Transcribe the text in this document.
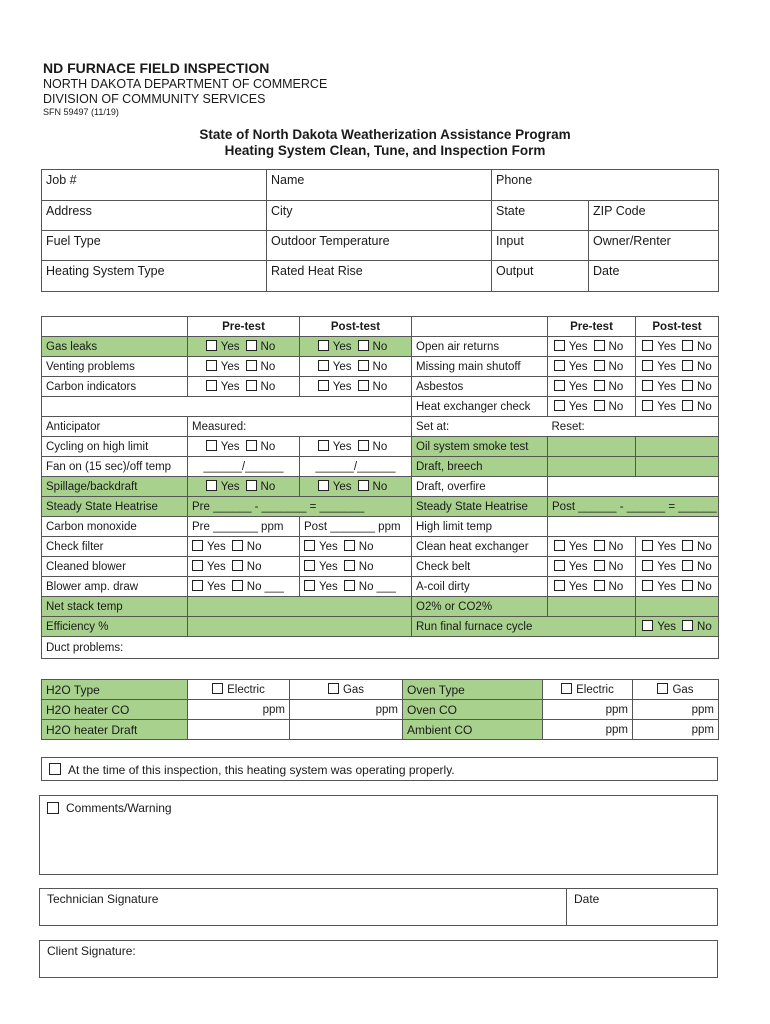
ND FURNACE FIELD INSPECTION
NORTH DAKOTA DEPARTMENT OF COMMERCE
DIVISION OF COMMUNITY SERVICES
SFN 59497 (11/19)
State of North Dakota Weatherization Assistance Program
Heating System Clean, Tune, and Inspection Form
Job #	Name	Phone	
Address	City	State	ZIP Code
Fuel Type	Outdoor Temperature	Input	Owner/Renter
Heating System Type	Rated Heat Rise	Output	Date
	Pre-test	Post-test		Pre-test	Post-test
Gas leaks	Yes No	Yes No	Open air returns	Yes No	Yes No
Venting problems	Yes No	Yes No	Missing main shutoff	Yes No	Yes No
Carbon indicators	Yes No	Yes No	Asbestos	Yes No	Yes No
			Heat exchanger check	Yes No	Yes No
Anticipator	Measured:		Set at:	Reset:	
Cycling on high limit	Yes No	Yes No	Oil system smoke test		
Fan on (15 sec)/off temp	______/______	______/______	Draft, breech		
Spillage/backdraft	Yes No	Yes No	Draft, overfire		
Steady State Heatrise	Pre ______ - _______ = _______		Steady State Heatrise	Post ______ - ______ = ______	
Carbon monoxide	Pre _______ ppm	Post _______ ppm	High limit temp		
Check filter	Yes No	Yes No	Clean heat exchanger	Yes No	Yes No
Cleaned blower	Yes No	Yes No	Check belt	Yes No	Yes No
Blower amp. draw	Yes No ___	Yes No ___	A-coil dirty	Yes No	Yes No
Net stack temp			O2% or CO2%		
Efficiency %			Run final furnace cycle		Yes No
Duct problems:					
H2O Type	Electric	Gas	Oven Type	Electric	Gas
H2O heater CO	ppm	ppm	Oven CO	ppm	ppm
H2O heater Draft			Ambient CO	ppm	ppm
At the time of this inspection, this heating system was operating properly.
Comments/Warning
Technician Signature	Date
Client Signature:
